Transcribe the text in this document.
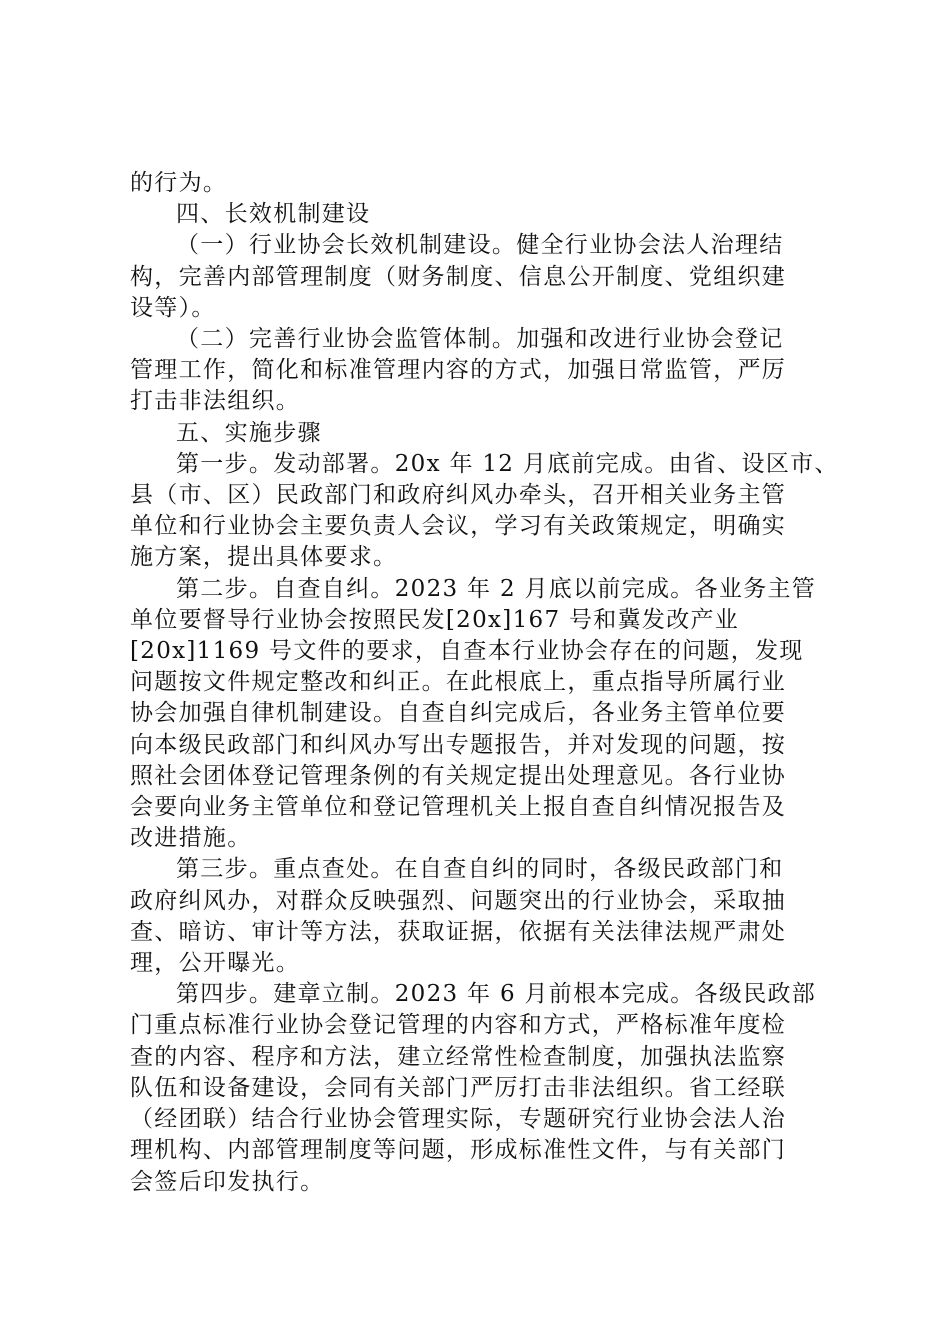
的行为。

四、长效机制建设

（一）行业协会长效机制建设。健全行业协会法人治理结
构，完善内部管理制度（财务制度、信息公开制度、党组织建
设等）。

（二）完善行业协会监管体制。加强和改进行业协会登记
管理工作，简化和标准管理内容的方式，加强日常监管，严厉
打击非法组织。

五、实施步骤

第一步。发动部署。20x 年 12 月底前完成。由省、设区市、
县（市、区）民政部门和政府纠风办牵头，召开相关业务主管
单位和行业协会主要负责人会议，学习有关政策规定，明确实
施方案，提出具体要求。

第二步。自查自纠。2023 年 2 月底以前完成。各业务主管
单位要督导行业协会按照民发[20x]167 号和冀发改产业
[20x]1169 号文件的要求，自查本行业协会存在的问题，发现
问题按文件规定整改和纠正。在此根底上，重点指导所属行业
协会加强自律机制建设。自查自纠完成后，各业务主管单位要
向本级民政部门和纠风办写出专题报告，并对发现的问题，按
照社会团体登记管理条例的有关规定提出处理意见。各行业协
会要向业务主管单位和登记管理机关上报自查自纠情况报告及
改进措施。

第三步。重点查处。在自查自纠的同时，各级民政部门和
政府纠风办，对群众反映强烈、问题突出的行业协会，采取抽
查、暗访、审计等方法，获取证据，依据有关法律法规严肃处
理，公开曝光。

第四步。建章立制。2023 年 6 月前根本完成。各级民政部
门重点标准行业协会登记管理的内容和方式，严格标准年度检
查的内容、程序和方法，建立经常性检查制度，加强执法监察
队伍和设备建设，会同有关部门严厉打击非法组织。省工经联
（经团联）结合行业协会管理实际，专题研究行业协会法人治
理机构、内部管理制度等问题，形成标准性文件，与有关部门
会签后印发执行。
